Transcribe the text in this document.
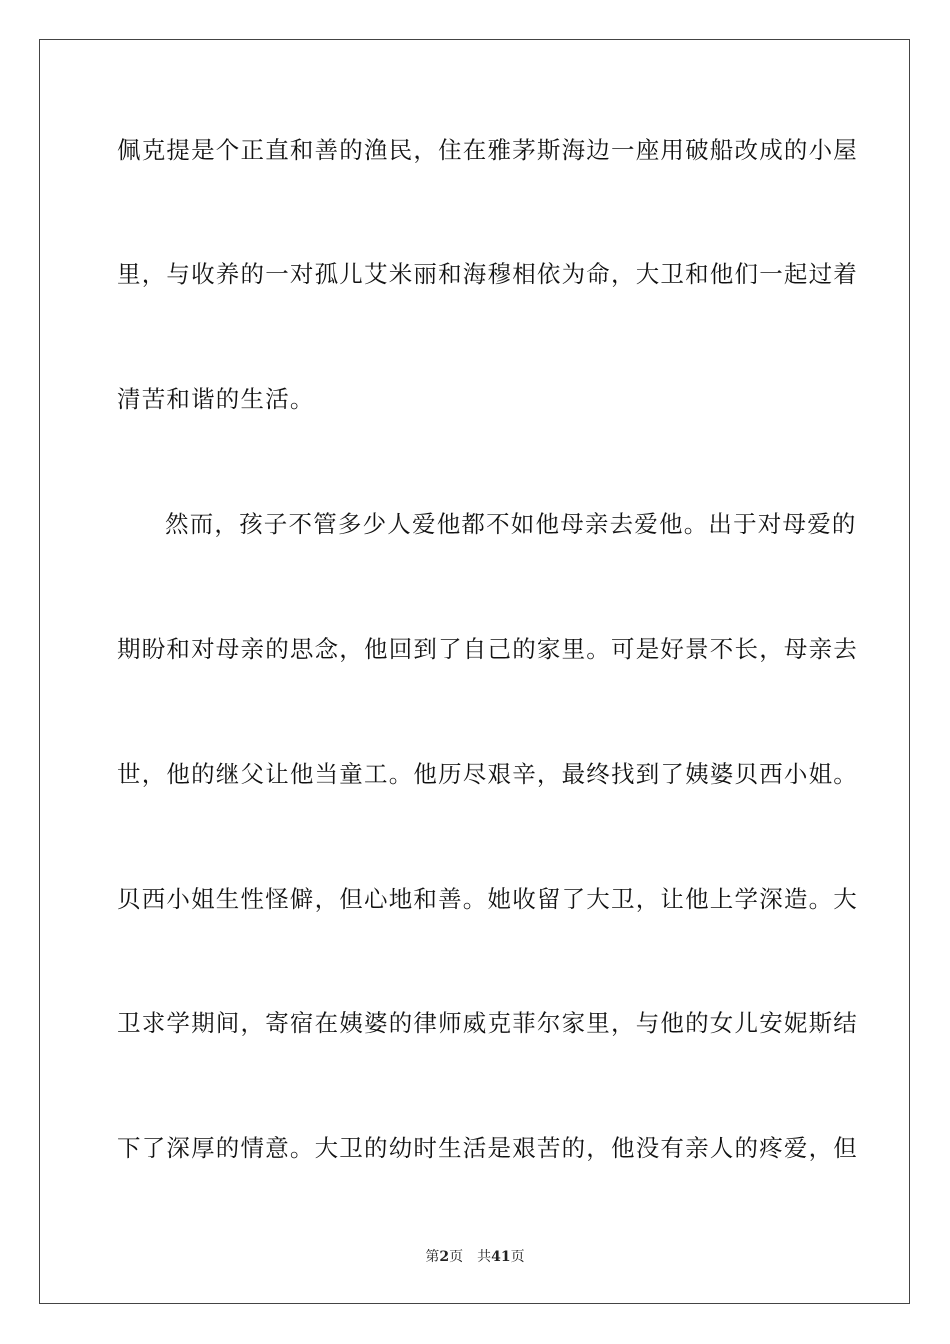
佩克提是个正直和善的渔民，住在雅茅斯海边一座用破船改成的小屋
里，与收养的一对孤儿艾米丽和海穆相依为命，大卫和他们一起过着
清苦和谐的生活。
然而，孩子不管多少人爱他都不如他母亲去爱他。出于对母爱的
期盼和对母亲的思念，他回到了自己的家里。可是好景不长，母亲去
世，他的继父让他当童工。他历尽艰辛，最终找到了姨婆贝西小姐。
贝西小姐生性怪僻，但心地和善。她收留了大卫，让他上学深造。大
卫求学期间，寄宿在姨婆的律师威克菲尔家里，与他的女儿安妮斯结
下了深厚的情意。大卫的幼时生活是艰苦的，他没有亲人的疼爱，但
第2页 共41页
